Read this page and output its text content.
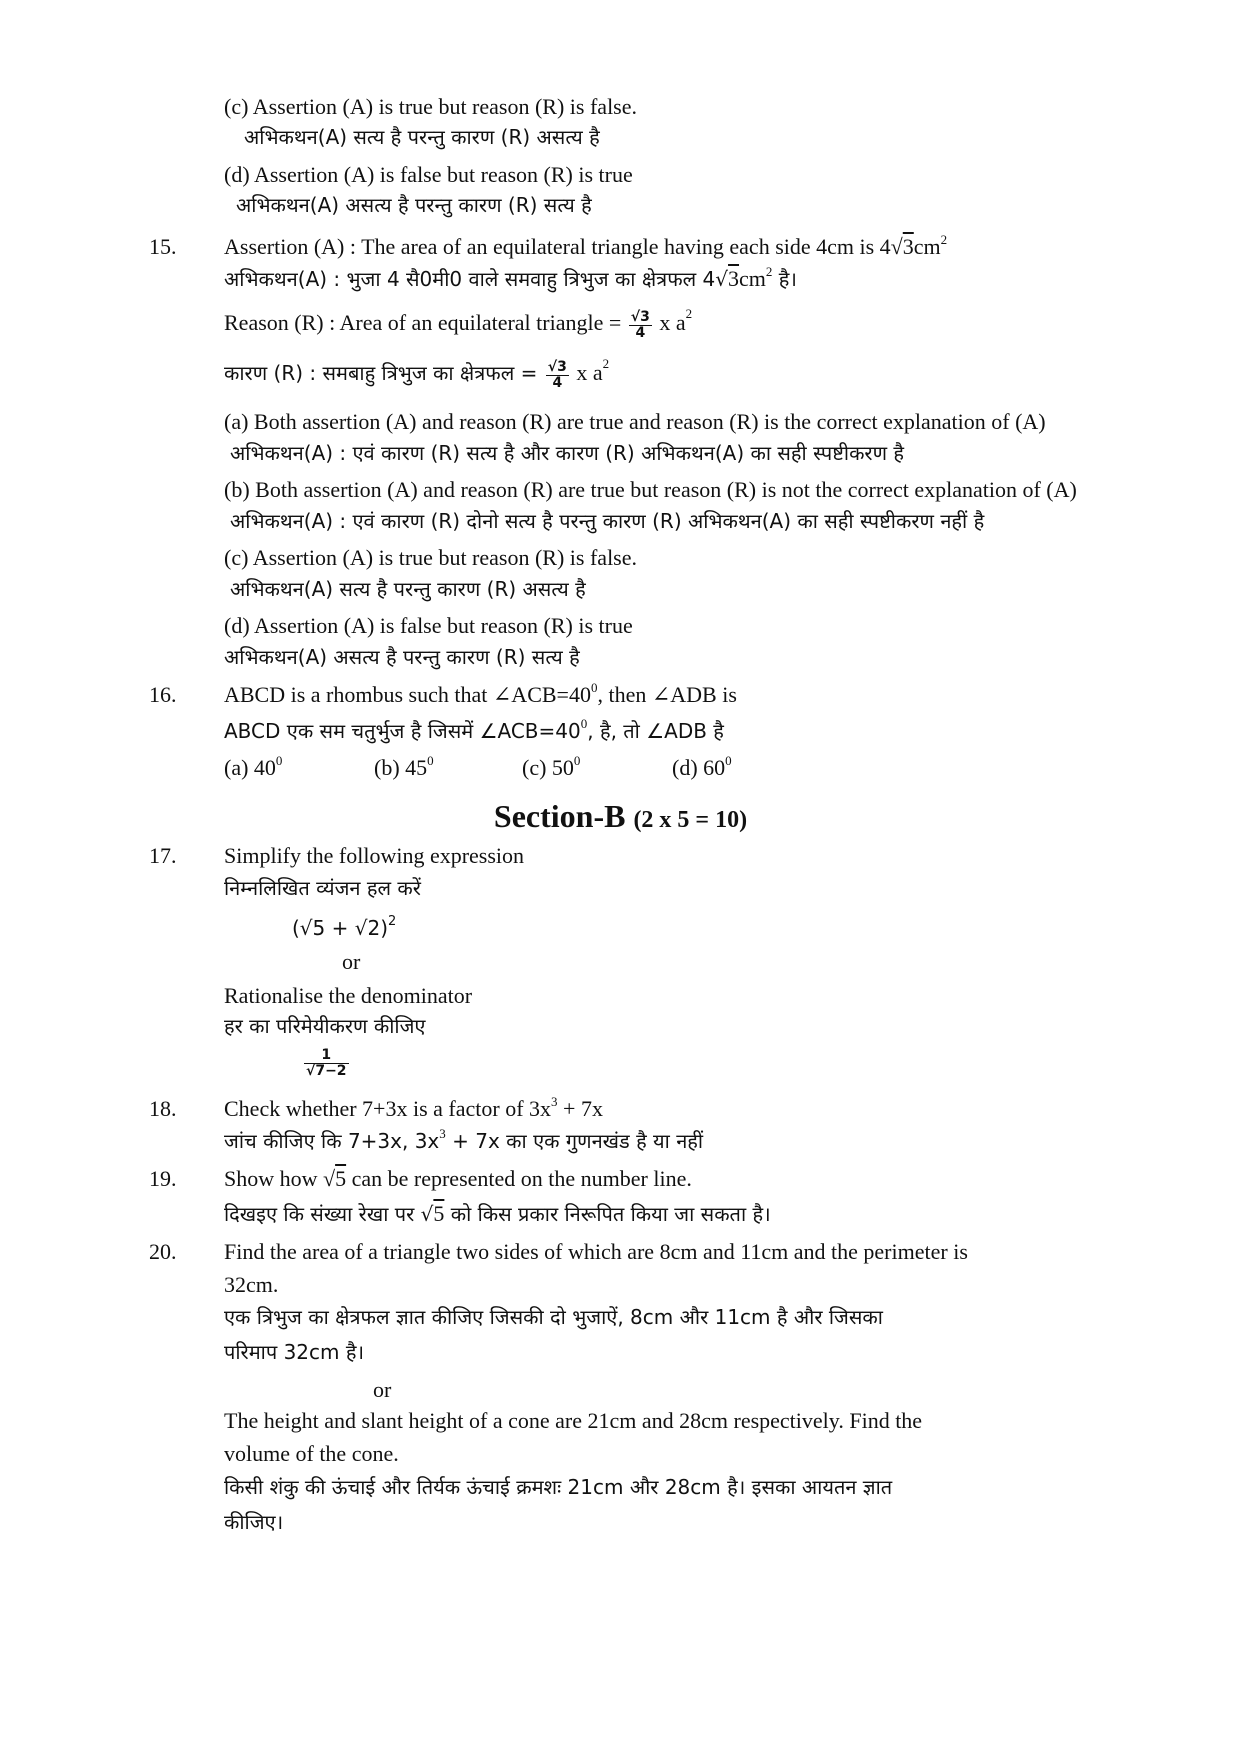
(c) Assertion (A) is true but reason (R) is false.
अभिकथन(A) सत्य है परन्तु कारण (R) असत्य है
(d) Assertion (A) is false but reason (R) is true
अभिकथन(A) असत्य है परन्तु कारण (R) सत्य है
15. Assertion (A) : The area of an equilateral triangle having each side 4cm is $4√3cm^2$
अभिकथन(A) : भुजा 4 सै0मी0 वाले समवाहु त्रिभुज का क्षेत्रफल $4√3cm^2$ है।
Reason (R) : Area of an equilateral triangle = $\frac{√3}{4}$ x $a^2$
कारण (R) : समबाहु त्रिभुज का क्षेत्रफल = $\frac{√3}{4}$ x $a^2$
(a) Both assertion (A) and reason (R) are true and reason (R) is the correct explanation of (A)
अभिकथन(A) : एवं कारण (R) सत्य है और कारण (R) अभिकथन(A) का सही स्पष्टीकरण है
(b) Both assertion (A) and reason (R) are true but reason (R) is not the correct explanation of (A)
अभिकथन(A) : एवं कारण (R) दोनो सत्य है परन्तु कारण (R) अभिकथन(A) का सही स्पष्टीकरण नहीं है
(c) Assertion (A) is true but reason (R) is false.
अभिकथन(A) सत्य है परन्तु कारण (R) असत्य है
(d) Assertion (A) is false but reason (R) is true
अभिकथन(A) असत्य है परन्तु कारण (R) सत्य है
16. ABCD is a rhombus such that $\angle ACB=40^0$, then ∠ADB is
ABCD एक सम चतुर्भुज है जिसमें $\angle ACB=40^0$, है, तो ∠ADB है
(a) $40^0$	(b) $45^0$	(c) $50^0$	(d) $60^0$
Section-B (2 x 5 = 10)
17. Simplify the following expression
निम्नलिखित व्यंजन हल करें
$(√5 + √2)^2$
or
Rationalise the denominator
हर का परिमेयीकरण कीजिए
$\frac{1}{√7-2}$
18. Check whether 7+3x is a factor of $3x^3 + 7x$
जांच कीजिए कि 7+3x, $3x^3 + 7x$ का एक गुणनखंड है या नहीं
19. Show how √5 can be represented on the number line.
दिखइए कि संख्या रेखा पर √5 को किस प्रकार निरूपित किया जा सकता है।
20. Find the area of a triangle two sides of which are 8cm and 11cm and the perimeter is
32cm.
एक त्रिभुज का क्षेत्रफल ज्ञात कीजिए जिसकी दो भुजाऐं, 8cm और 11cm है और जिसका
परिमाप 32cm है।
or
The height and slant height of a cone are 21cm and 28cm respectively. Find the
volume of the cone.
किसी शंकु की ऊंचाई और तिर्यक ऊंचाई क्रमशः 21cm और 28cm है। इसका आयतन ज्ञात
कीजिए।
